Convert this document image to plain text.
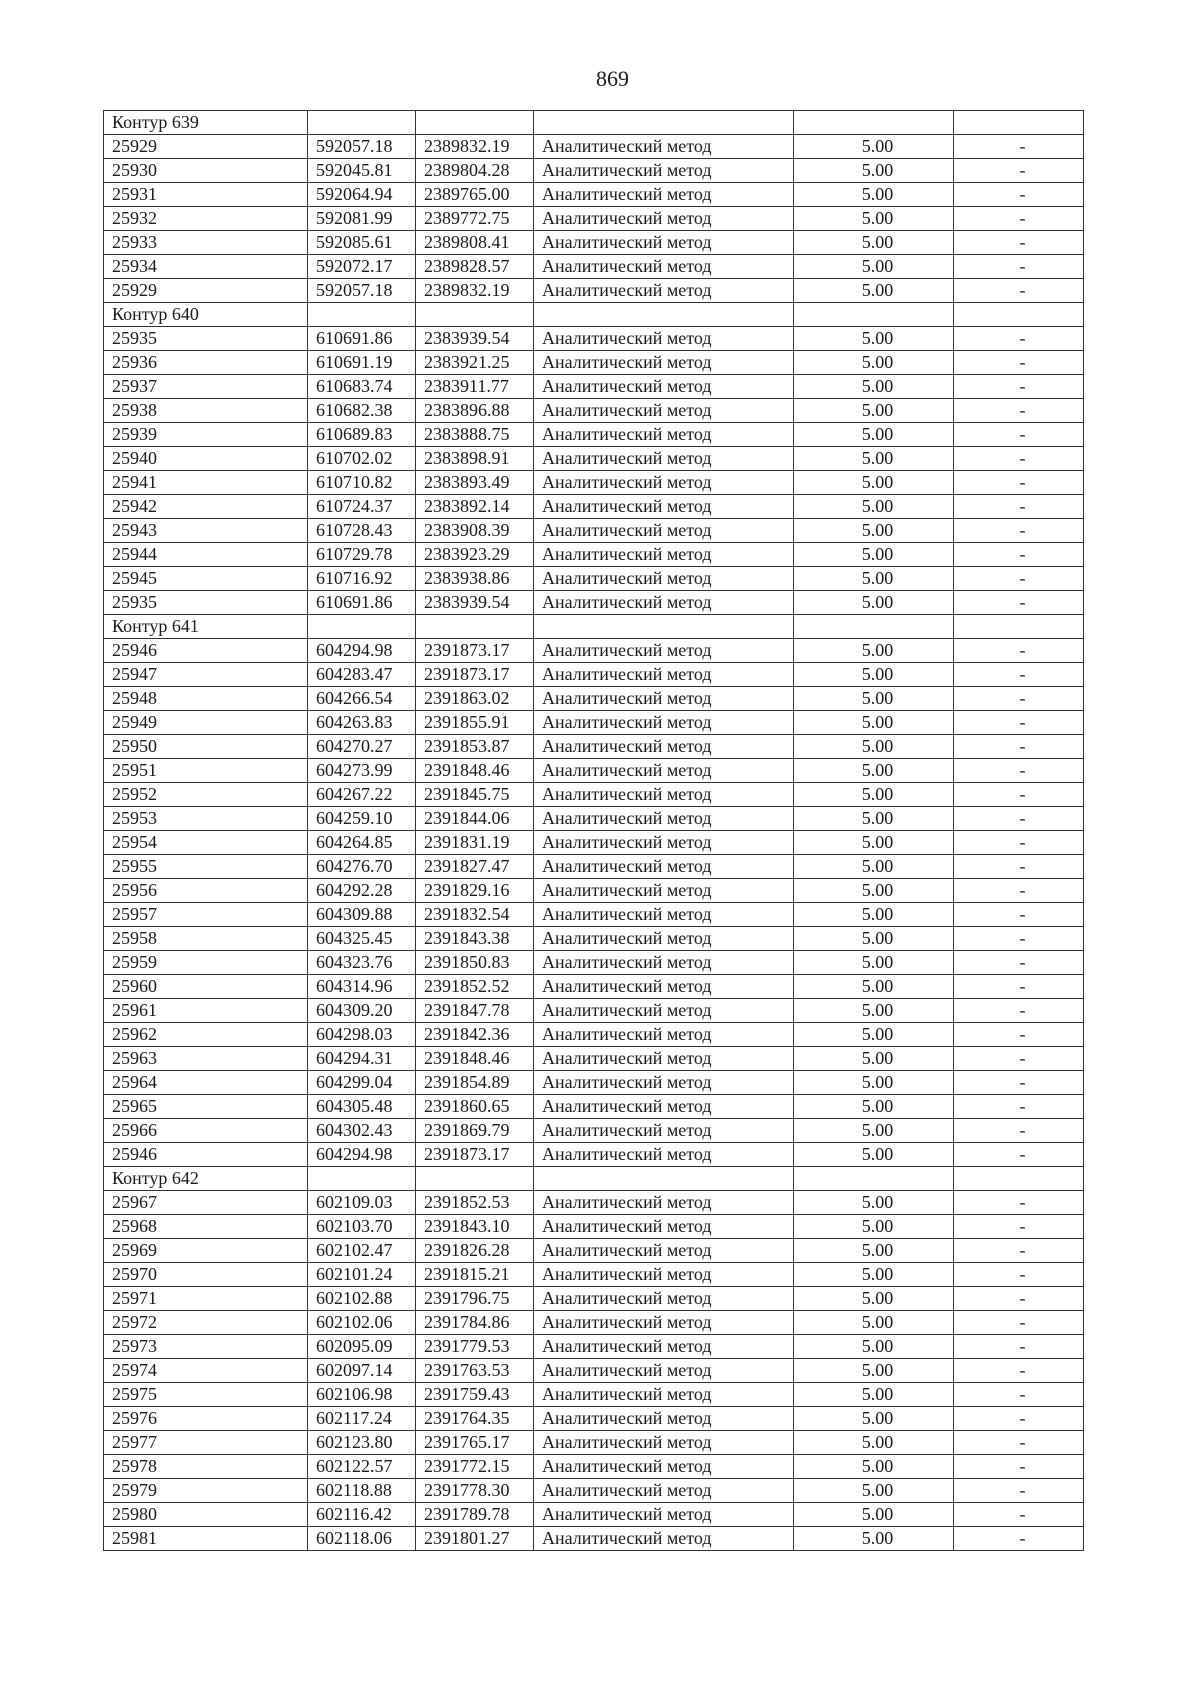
869
Контур 639					
25929	592057.18	2389832.19	Аналитический метод	5.00	-
25930	592045.81	2389804.28	Аналитический метод	5.00	-
25931	592064.94	2389765.00	Аналитический метод	5.00	-
25932	592081.99	2389772.75	Аналитический метод	5.00	-
25933	592085.61	2389808.41	Аналитический метод	5.00	-
25934	592072.17	2389828.57	Аналитический метод	5.00	-
25929	592057.18	2389832.19	Аналитический метод	5.00	-
Контур 640					
25935	610691.86	2383939.54	Аналитический метод	5.00	-
25936	610691.19	2383921.25	Аналитический метод	5.00	-
25937	610683.74	2383911.77	Аналитический метод	5.00	-
25938	610682.38	2383896.88	Аналитический метод	5.00	-
25939	610689.83	2383888.75	Аналитический метод	5.00	-
25940	610702.02	2383898.91	Аналитический метод	5.00	-
25941	610710.82	2383893.49	Аналитический метод	5.00	-
25942	610724.37	2383892.14	Аналитический метод	5.00	-
25943	610728.43	2383908.39	Аналитический метод	5.00	-
25944	610729.78	2383923.29	Аналитический метод	5.00	-
25945	610716.92	2383938.86	Аналитический метод	5.00	-
25935	610691.86	2383939.54	Аналитический метод	5.00	-
Контур 641					
25946	604294.98	2391873.17	Аналитический метод	5.00	-
25947	604283.47	2391873.17	Аналитический метод	5.00	-
25948	604266.54	2391863.02	Аналитический метод	5.00	-
25949	604263.83	2391855.91	Аналитический метод	5.00	-
25950	604270.27	2391853.87	Аналитический метод	5.00	-
25951	604273.99	2391848.46	Аналитический метод	5.00	-
25952	604267.22	2391845.75	Аналитический метод	5.00	-
25953	604259.10	2391844.06	Аналитический метод	5.00	-
25954	604264.85	2391831.19	Аналитический метод	5.00	-
25955	604276.70	2391827.47	Аналитический метод	5.00	-
25956	604292.28	2391829.16	Аналитический метод	5.00	-
25957	604309.88	2391832.54	Аналитический метод	5.00	-
25958	604325.45	2391843.38	Аналитический метод	5.00	-
25959	604323.76	2391850.83	Аналитический метод	5.00	-
25960	604314.96	2391852.52	Аналитический метод	5.00	-
25961	604309.20	2391847.78	Аналитический метод	5.00	-
25962	604298.03	2391842.36	Аналитический метод	5.00	-
25963	604294.31	2391848.46	Аналитический метод	5.00	-
25964	604299.04	2391854.89	Аналитический метод	5.00	-
25965	604305.48	2391860.65	Аналитический метод	5.00	-
25966	604302.43	2391869.79	Аналитический метод	5.00	-
25946	604294.98	2391873.17	Аналитический метод	5.00	-
Контур 642					
25967	602109.03	2391852.53	Аналитический метод	5.00	-
25968	602103.70	2391843.10	Аналитический метод	5.00	-
25969	602102.47	2391826.28	Аналитический метод	5.00	-
25970	602101.24	2391815.21	Аналитический метод	5.00	-
25971	602102.88	2391796.75	Аналитический метод	5.00	-
25972	602102.06	2391784.86	Аналитический метод	5.00	-
25973	602095.09	2391779.53	Аналитический метод	5.00	-
25974	602097.14	2391763.53	Аналитический метод	5.00	-
25975	602106.98	2391759.43	Аналитический метод	5.00	-
25976	602117.24	2391764.35	Аналитический метод	5.00	-
25977	602123.80	2391765.17	Аналитический метод	5.00	-
25978	602122.57	2391772.15	Аналитический метод	5.00	-
25979	602118.88	2391778.30	Аналитический метод	5.00	-
25980	602116.42	2391789.78	Аналитический метод	5.00	-
25981	602118.06	2391801.27	Аналитический метод	5.00	-
